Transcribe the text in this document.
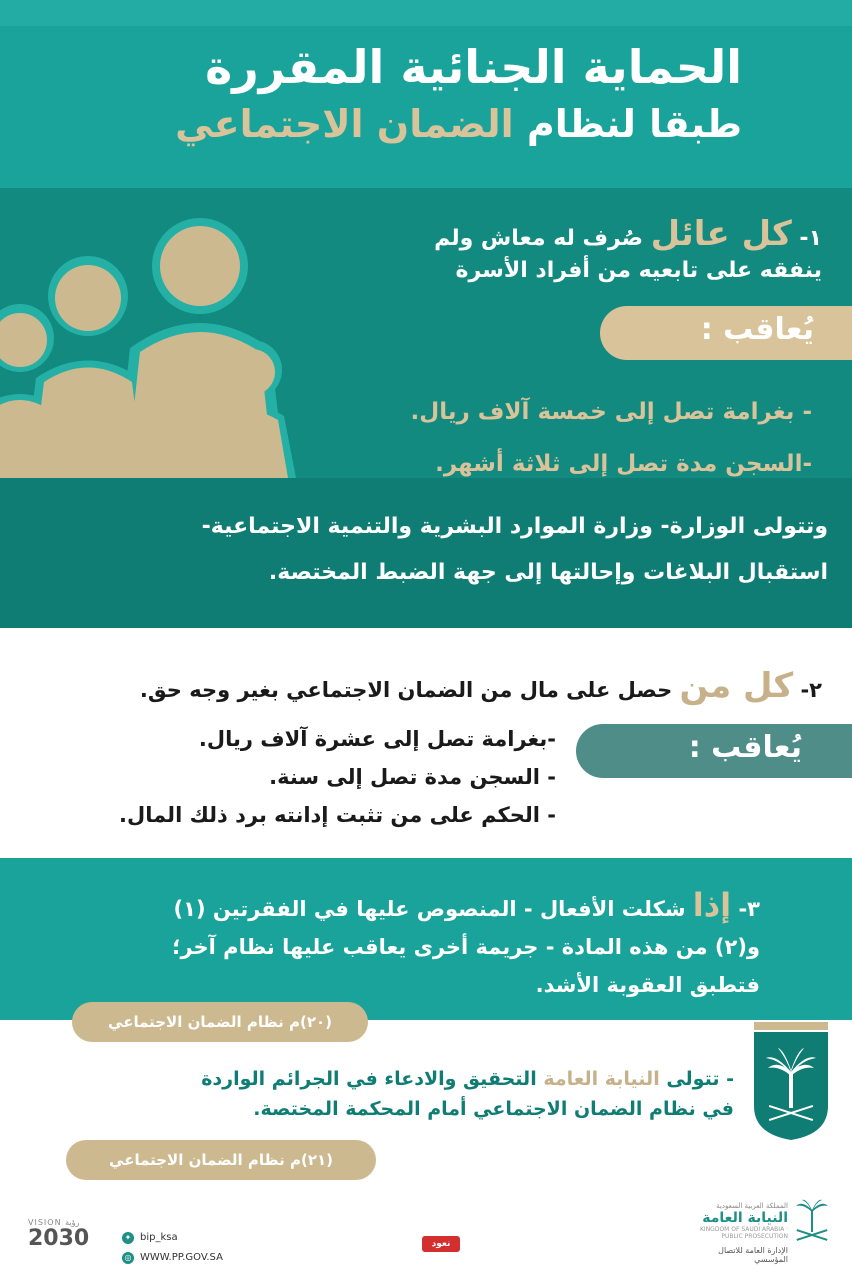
الحماية الجنائية المقررة
طبقا لنظام الضمان الاجتماعي
١- كل عائل صُرف له معاش ولم
ينفقه على تابعيه من أفراد الأسرة
يُعاقب :
- بغرامة تصل إلى خمسة آلاف ريال.
-السجن مدة تصل إلى ثلاثة أشهر.
وتتولى الوزارة- وزارة الموارد البشرية والتنمية الاجتماعية-
استقبال البلاغات وإحالتها إلى جهة الضبط المختصة.
٢- كل من حصل على مال من الضمان الاجتماعي بغير وجه حق.
يُعاقب :
-بغرامة تصل إلى عشرة آلاف ريال.
- السجن مدة تصل إلى سنة.
- الحكم على من تثبت إدانته برد ذلك المال.
٣- إذا شكلت الأفعال - المنصوص عليها في الفقرتين (١)
و(٢) من هذه المادة - جريمة أخرى يعاقب عليها نظام آخر؛
فتطبق العقوبة الأشد.
(٢٠)م نظام الضمان الاجتماعي
- تتولى النيابة العامة التحقيق والادعاء في الجرائم الواردة
في نظام الضمان الاجتماعي أمام المحكمة المختصة.
(٢١)م نظام الضمان الاجتماعي
VISION رؤية
2030	✦ bip_ksa
◎ WWW.PP.GOV.SA
نعود بحذر
المملكة العربية السعودية
النيابة العامة
KINGDOM OF SAUDI ARABIA · PUBLIC PROSECUTION
الإدارة العامة للاتصال المؤسسي
